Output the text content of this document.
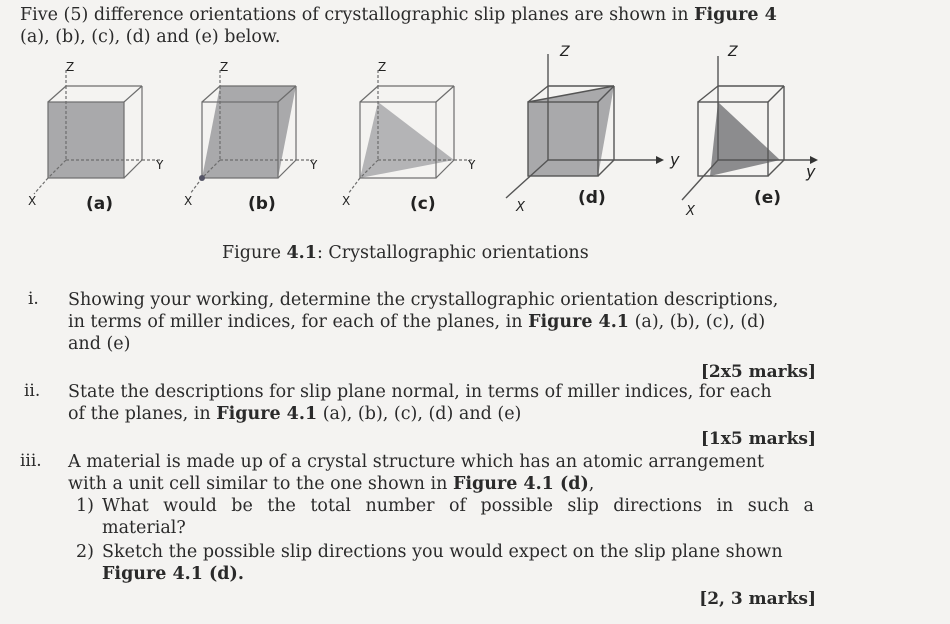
Five (5) difference orientations of crystallographic slip planes are shown in Figure 4
(a), (b), (c), (d) and (e) below.
Z
Y
X	(a)
Z
Y
X	(b)
Z
Y
X	(c)
Z
y
X	(d)
Z
y
X
(e)
Figure 4.1: Crystallographic orientations
i. Showing your working, determine the crystallographic orientation descriptions,
in terms of miller indices, for each of the planes, in Figure 4.1 (a), (b), (c), (d)
and (e)
[2x5 marks]
ii. State the descriptions for slip plane normal, in terms of miller indices, for each
of the planes, in Figure 4.1 (a), (b), (c), (d) and (e)
[1x5 marks]
iii. A material is made up of a crystal structure which has an atomic arrangement
with a unit cell similar to the one shown in Figure 4.1 (d),
1) What would be the total number of possible slip directions in such a
material?
2) Sketch the possible slip directions you would expect on the slip plane shown
Figure 4.1 (d).
[2, 3 marks]
